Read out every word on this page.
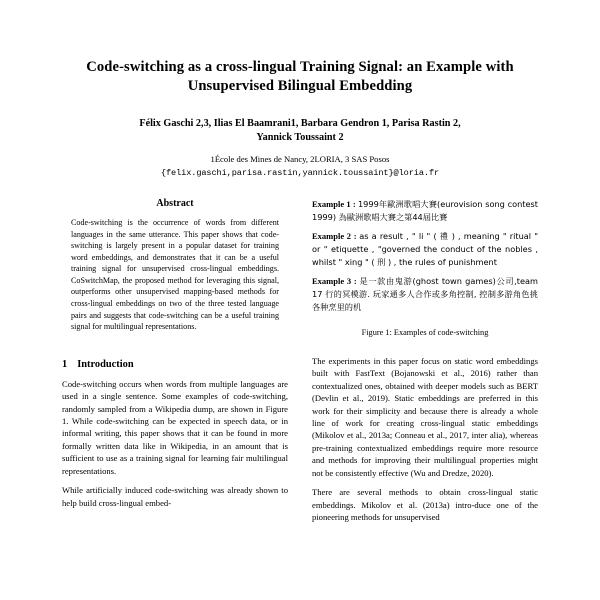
Code-switching as a cross-lingual Training Signal: an Example with Unsupervised Bilingual Embedding
Félix Gaschi 2,3, Ilias El Baamrani1, Barbara Gendron 1, Parisa Rastin 2,
Yannick Toussaint 2
1École des Mines de Nancy, 2LORIA, 3 SAS Posos
{felix.gaschi,parisa.rastin,yannick.toussaint}@loria.fr
Abstract

Code-switching is the occurrence of words from different languages in the same utterance. This paper shows that code-switching is largely present in a popular dataset for training word embeddings, and demonstrates that it can be a useful training signal for unsupervised cross-lingual embeddings. CoSwitchMap, the proposed method for leveraging this signal, outperforms other unsupervised mapping-based methods for cross-lingual embeddings on two of the three tested language pairs and suggests that code-switching can be a useful training signal for multilingual representations.

1 Introduction

Code-switching occurs when words from multiple languages are used in a single sentence. Some examples of code-switching, randomly sampled from a Wikipedia dump, are shown in Figure 1. While code-switching can be expected in speech data, or in informal writing, this paper shows that it can be found in more formally written data like in Wikipedia, in an amount that is sufficient to use as a training signal for learning fair multilingual representations.

While artificially induced code-switching was already shown to help build cross-lingual embed-

Example 1 : 1999年歐洲歌唱大賽(eurovision song contest 1999) 為歐洲歌唱大賽之第44屆比賽

Example 2 : as a result , " li " ( 禮 ) , meaning " ritual " or " etiquette , "governed the conduct of the nobles , whilst " xing " ( 刑 ) , the rules of punishment

Example 3 : 是一款由鬼游(ghost town games)公司,team 17 行的冥模游. 玩家通多人合作或多角控制, 控制多游角色挑各种烹里的机

Figure 1: Examples of code-switching

The experiments in this paper focus on static word embeddings built with FastText (Bojanowski et al., 2016) rather than contextualized ones, obtained with deeper models such as BERT (Devlin et al., 2019). Static embeddings are preferred in this work for their simplicity and because there is already a whole line of work for creating cross-lingual static embeddings (Mikolov et al., 2013a; Conneau et al., 2017, inter alia), whereas pre-training contextualized embeddings require more resource and methods for improving their multilingual properties might not be consistently effective (Wu and Dredze, 2020).

There are several methods to obtain cross-lingual static embeddings. Mikolov et al. (2013a) intro-duce one of the pioneering methods for unsupervised
